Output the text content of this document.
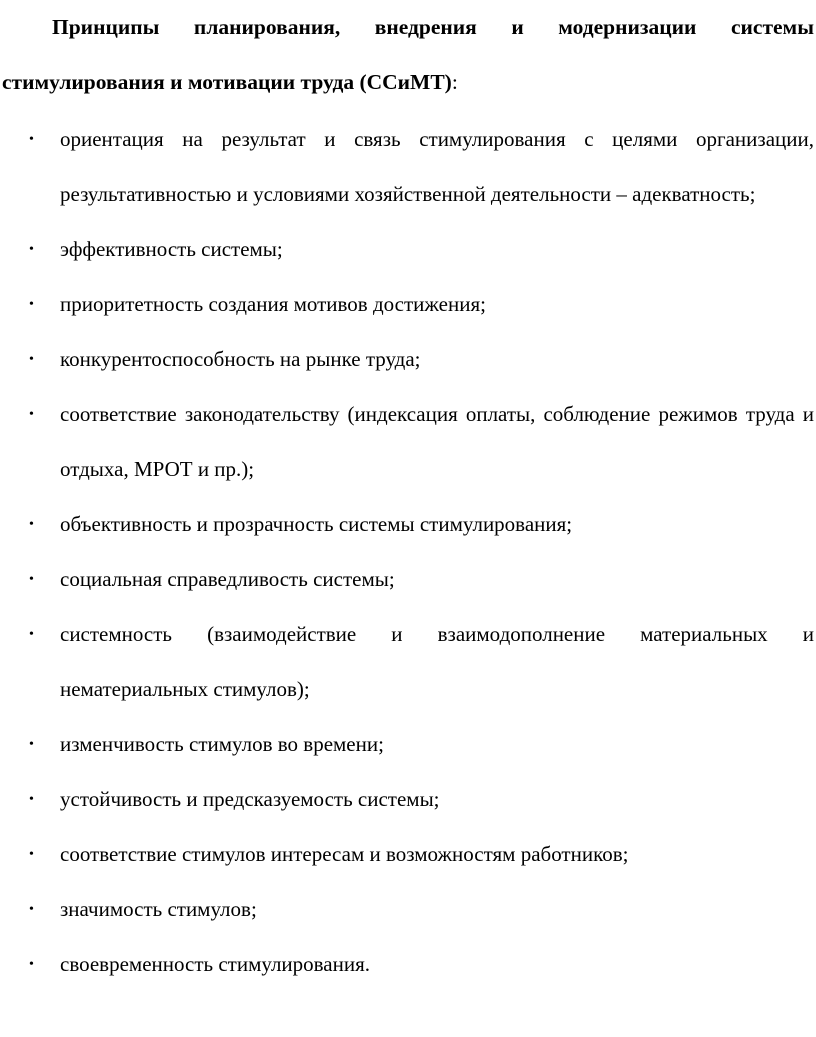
Принципы планирования, внедрения и модернизации системы
стимулирования и мотивации труда (ССиМТ):

• ориентация на результат и связь стимулирования с целями организации, результативностью и условиями хозяйственной деятельности – адекватность;
• эффективность системы;
• приоритетность создания мотивов достижения;
• конкурентоспособность на рынке труда;
• соответствие законодательству (индексация оплаты, соблюдение режимов труда и отдыха, МРОТ и пр.);
• объективность и прозрачность системы стимулирования;
• социальная справедливость системы;
• системность (взаимодействие и взаимодополнение материальных и нематериальных стимулов);
• изменчивость стимулов во времени;
• устойчивость и предсказуемость системы;
• соответствие стимулов интересам и возможностям работников;
• значимость стимулов;
• своевременность стимулирования.
